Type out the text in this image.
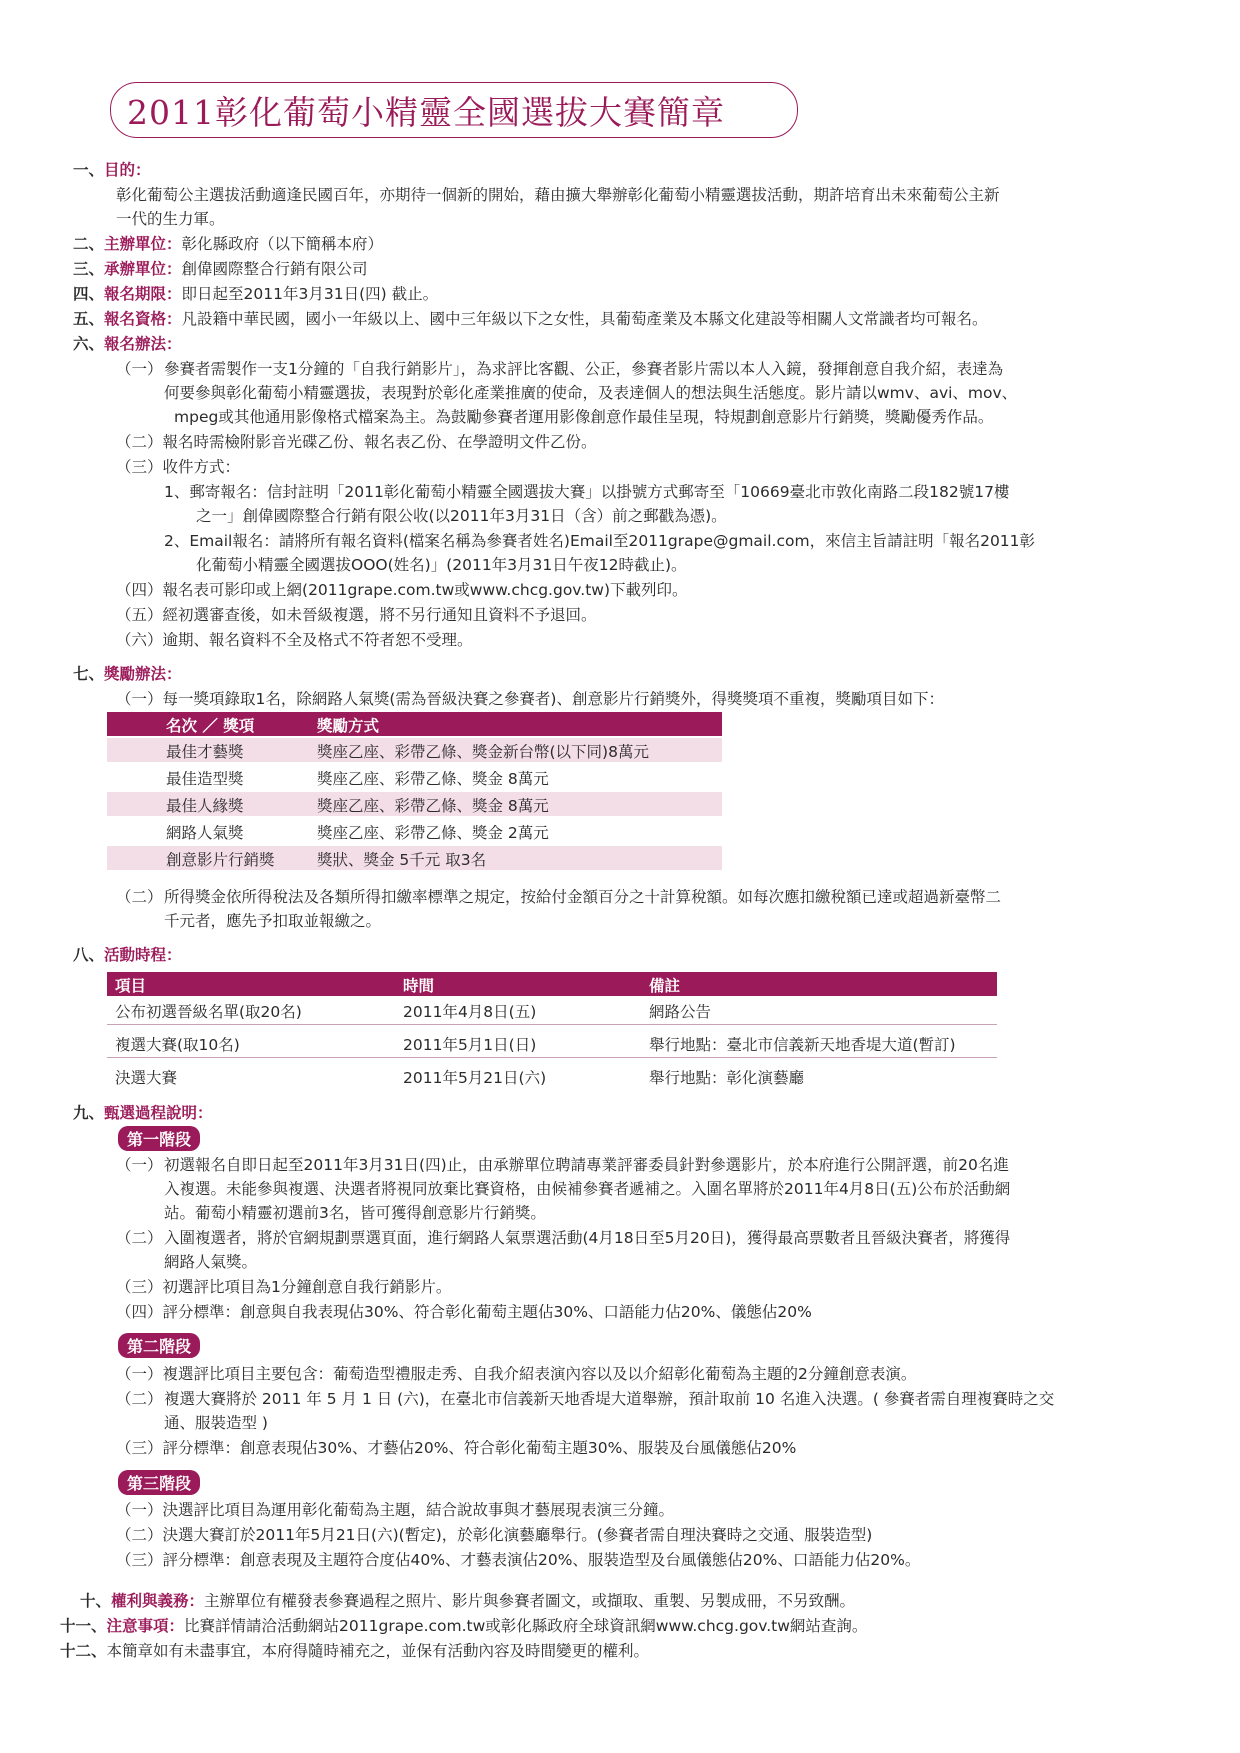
2011彰化葡萄小精靈全國選拔大賽簡章
一、目的：
彰化葡萄公主選拔活動適逢民國百年，亦期待一個新的開始，藉由擴大舉辦彰化葡萄小精靈選拔活動，期許培育出未來葡萄公主新
一代的生力軍。
二、主辦單位：彰化縣政府（以下簡稱本府）
三、承辦單位：創偉國際整合行銷有限公司
四、報名期限：即日起至2011年3月31日(四) 截止。
五、報名資格：凡設籍中華民國，國小一年級以上、國中三年級以下之女性，具葡萄產業及本縣文化建設等相關人文常識者均可報名。
六、報名辦法：
（一） 參賽者需製作一支1分鐘的「自我行銷影片」，為求評比客觀、公正，參賽者影片需以本人入鏡，發揮創意自我介紹，表達為
何要參與彰化葡萄小精靈選拔，表現對於彰化產業推廣的使命，及表達個人的想法與生活態度。影片請以wmv、avi、mov、
mpeg或其他通用影像格式檔案為主。為鼓勵參賽者運用影像創意作最佳呈現，特規劃創意影片行銷獎，獎勵優秀作品。
（二）報名時需檢附影音光碟乙份、報名表乙份、在學證明文件乙份。
（三）收件方式：
1、郵寄報名：信封註明「2011彰化葡萄小精靈全國選拔大賽」以掛號方式郵寄至「10669臺北市敦化南路二段182號17樓
之一」創偉國際整合行銷有限公收(以2011年3月31日（含）前之郵戳為憑)。
2、Email報名：請將所有報名資料(檔案名稱為參賽者姓名)Email至2011grape@gmail.com，來信主旨請註明「報名2011彰
化葡萄小精靈全國選拔OOO(姓名)」(2011年3月31日午夜12時截止)。
（四）報名表可影印或上網(2011grape.com.tw或www.chcg.gov.tw)下載列印。
（五）經初選審查後，如未晉級複選，將不另行通知且資料不予退回。
（六）逾期、報名資料不全及格式不符者恕不受理。
七、獎勵辦法：
（一）每一獎項錄取1名，除網路人氣獎(需為晉級決賽之參賽者)、創意影片行銷獎外，得獎獎項不重複，獎勵項目如下：
名次 ／ 獎項	獎勵方式
最佳才藝獎	獎座乙座、彩帶乙條、獎金新台幣(以下同)8萬元
最佳造型獎	獎座乙座、彩帶乙條、獎金 8萬元
最佳人緣獎	獎座乙座、彩帶乙條、獎金 8萬元
網路人氣獎	獎座乙座、彩帶乙條、獎金 2萬元
創意影片行銷獎	獎狀、獎金 5千元 取3名
（二） 所得獎金依所得稅法及各類所得扣繳率標準之規定，按給付金額百分之十計算稅額。如每次應扣繳稅額已達或超過新臺幣二
千元者，應先予扣取並報繳之。
八、活動時程：
項目	時間	備註
公布初選晉級名單(取20名)	2011年4月8日(五)	網路公告
複選大賽(取10名)	2011年5月1日(日)	舉行地點：臺北市信義新天地香堤大道(暫訂)
決選大賽	2011年5月21日(六)	舉行地點：彰化演藝廳
九、甄選過程說明：
第一階段
（一） 初選報名自即日起至2011年3月31日(四)止，由承辦單位聘請專業評審委員針對參選影片，於本府進行公開評選，前20名進
入複選。未能參與複選、決選者將視同放棄比賽資格，由候補參賽者遞補之。入圍名單將於2011年4月8日(五)公布於活動網
站。葡萄小精靈初選前3名，皆可獲得創意影片行銷獎。
（二） 入圍複選者，將於官網規劃票選頁面，進行網路人氣票選活動(4月18日至5月20日)，獲得最高票數者且晉級決賽者，將獲得
網路人氣獎。
（三）初選評比項目為1分鐘創意自我行銷影片。
（四）評分標準：創意與自我表現佔30%、符合彰化葡萄主題佔30%、口語能力佔20%、儀態佔20%
第二階段
（一）複選評比項目主要包含：葡萄造型禮服走秀、自我介紹表演內容以及以介紹彰化葡萄為主題的2分鐘創意表演。
（二） 複選大賽將於 2011 年 5 月 1 日 (六)，在臺北市信義新天地香堤大道舉辦，預計取前 10 名進入決選。( 參賽者需自理複賽時之交
通、服裝造型 )
（三）評分標準：創意表現佔30%、才藝佔20%、符合彰化葡萄主題30%、服裝及台風儀態佔20%
第三階段
（一）決選評比項目為運用彰化葡萄為主題，結合說故事與才藝展現表演三分鐘。
（二）決選大賽訂於2011年5月21日(六)(暫定)，於彰化演藝廳舉行。(參賽者需自理決賽時之交通、服裝造型)
（三）評分標準：創意表現及主題符合度佔40%、才藝表演佔20%、服裝造型及台風儀態佔20%、口語能力佔20%。
十、權利與義務：主辦單位有權發表參賽過程之照片、影片與參賽者圖文，或擷取、重製、另製成冊，不另致酬。
十一、注意事項：比賽詳情請洽活動網站2011grape.com.tw或彰化縣政府全球資訊網www.chcg.gov.tw網站查詢。
十二、本簡章如有未盡事宜，本府得隨時補充之，並保有活動內容及時間變更的權利。
